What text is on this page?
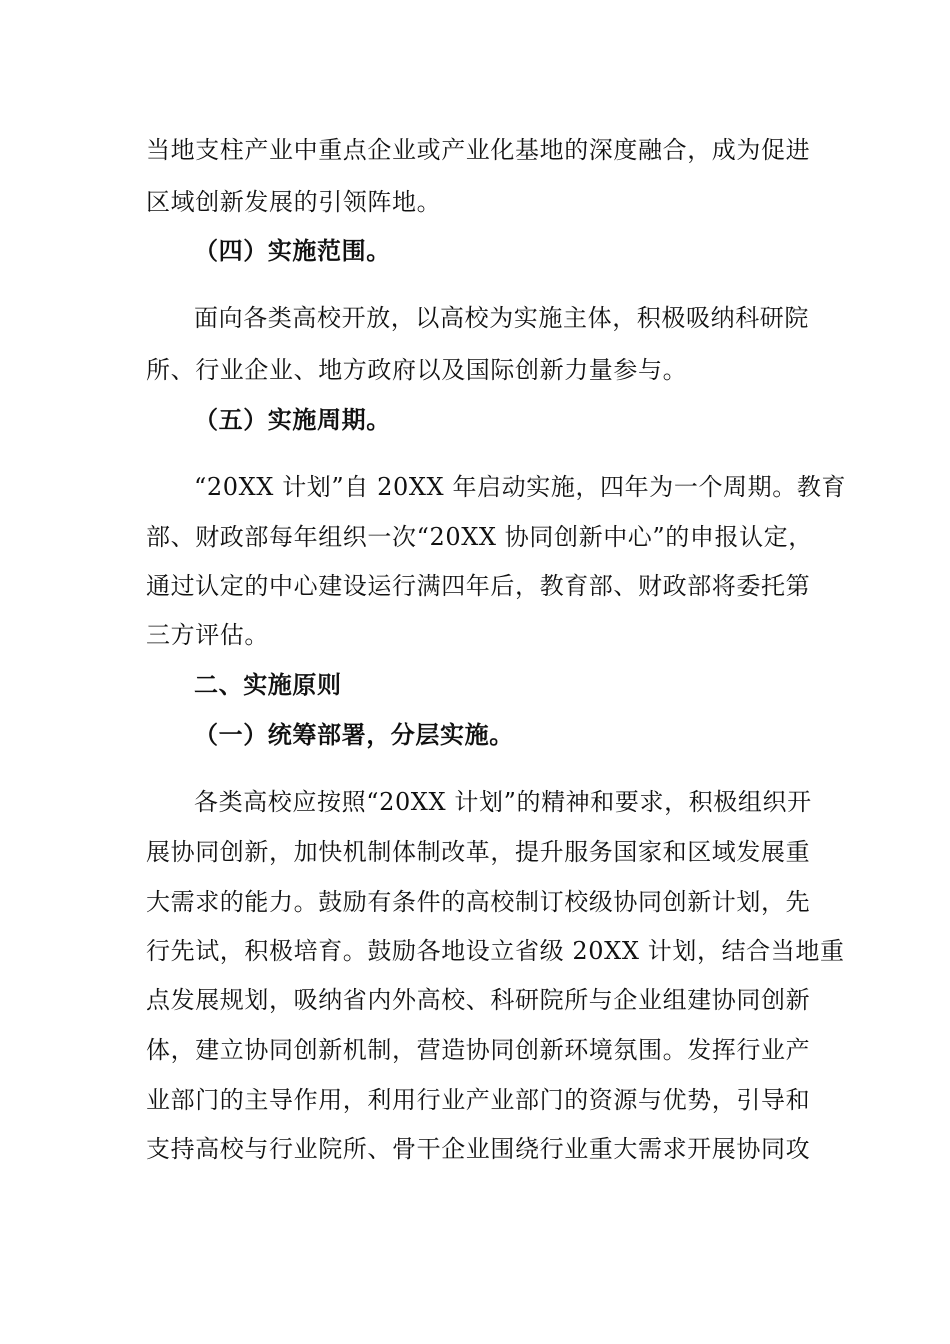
当地支柱产业中重点企业或产业化基地的深度融合，成为促进
区域创新发展的引领阵地。
（四）实施范围。
面向各类高校开放，以高校为实施主体，积极吸纳科研院
所、行业企业、地方政府以及国际创新力量参与。
（五）实施周期。
“20XX 计划”自 20XX 年启动实施，四年为一个周期。教育
部、财政部每年组织一次“20XX 协同创新中心”的申报认定，
通过认定的中心建设运行满四年后，教育部、财政部将委托第
三方评估。
二、实施原则
（一）统筹部署，分层实施。
各类高校应按照“20XX 计划”的精神和要求，积极组织开
展协同创新，加快机制体制改革，提升服务国家和区域发展重
大需求的能力。鼓励有条件的高校制订校级协同创新计划，先
行先试，积极培育。鼓励各地设立省级 20XX 计划，结合当地重
点发展规划，吸纳省内外高校、科研院所与企业组建协同创新
体，建立协同创新机制，营造协同创新环境氛围。发挥行业产
业部门的主导作用，利用行业产业部门的资源与优势，引导和
支持高校与行业院所、骨干企业围绕行业重大需求开展协同攻
